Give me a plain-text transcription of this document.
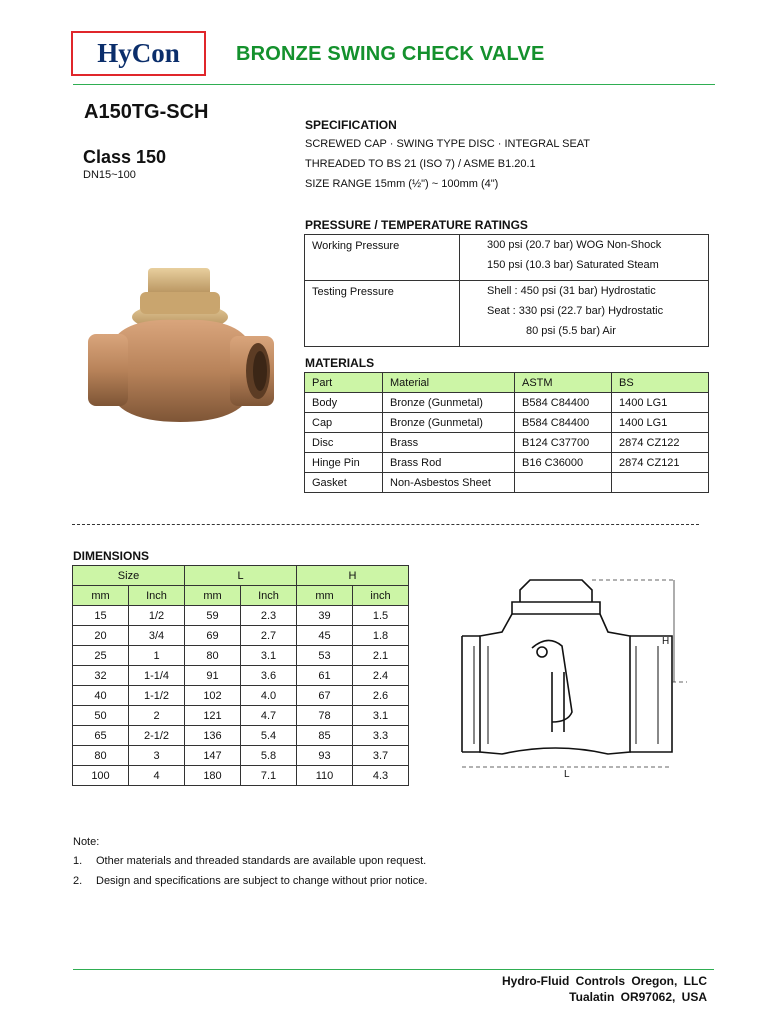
HyCon	BRONZE SWING CHECK VALVE
A150TG-SCH
Class 150
DN15~100
SPECIFICATION
SCREWED CAP · SWING TYPE DISC · INTEGRAL SEAT
THREADED TO BS 21 (ISO 7) / ASME B1.20.1
SIZE RANGE 15mm (½") ~ 100mm (4")
PRESSURE / TEMPERATURE RATINGS
Working Pressure	300 psi (20.7 bar) WOG Non-Shock
150 psi (10.3 bar) Saturated Steam

Testing Pressure	Shell : 450 psi (31 bar) Hydrostatic
Seat : 330 psi (22.7 bar) Hydrostatic
80 psi (5.5 bar) Air
MATERIALS
Part	Material	ASTM	BS
Body	Bronze (Gunmetal)	B584 C84400	1400 LG1
Cap	Bronze (Gunmetal)	B584 C84400	1400 LG1
Disc	Brass	B124 C37700	2874 CZ122
Hinge Pin	Brass Rod	B16 C36000	2874 CZ121
Gasket	Non-Asbestos Sheet		
DIMENSIONS
Size		L		H	
mm	Inch	mm	Inch	mm	inch
15	1/2	59	2.3	39	1.5
20	3/4	69	2.7	45	1.8
25	1	80	3.1	53	2.1
32	1-1/4	91	3.6	61	2.4
40	1-1/2	102	4.0	67	2.6
50	2	121	4.7	78	3.1
65	2-1/2	136	5.4	85	3.3
80	3	147	5.8	93	3.7
100	4	180	7.1	110	4.3
H
L
Note:
1. Other materials and threaded standards are available upon request.
2. Design and specifications are subject to change without prior notice.
Hydro-Fluid Controls Oregon, LLC
Tualatin OR97062, USA
